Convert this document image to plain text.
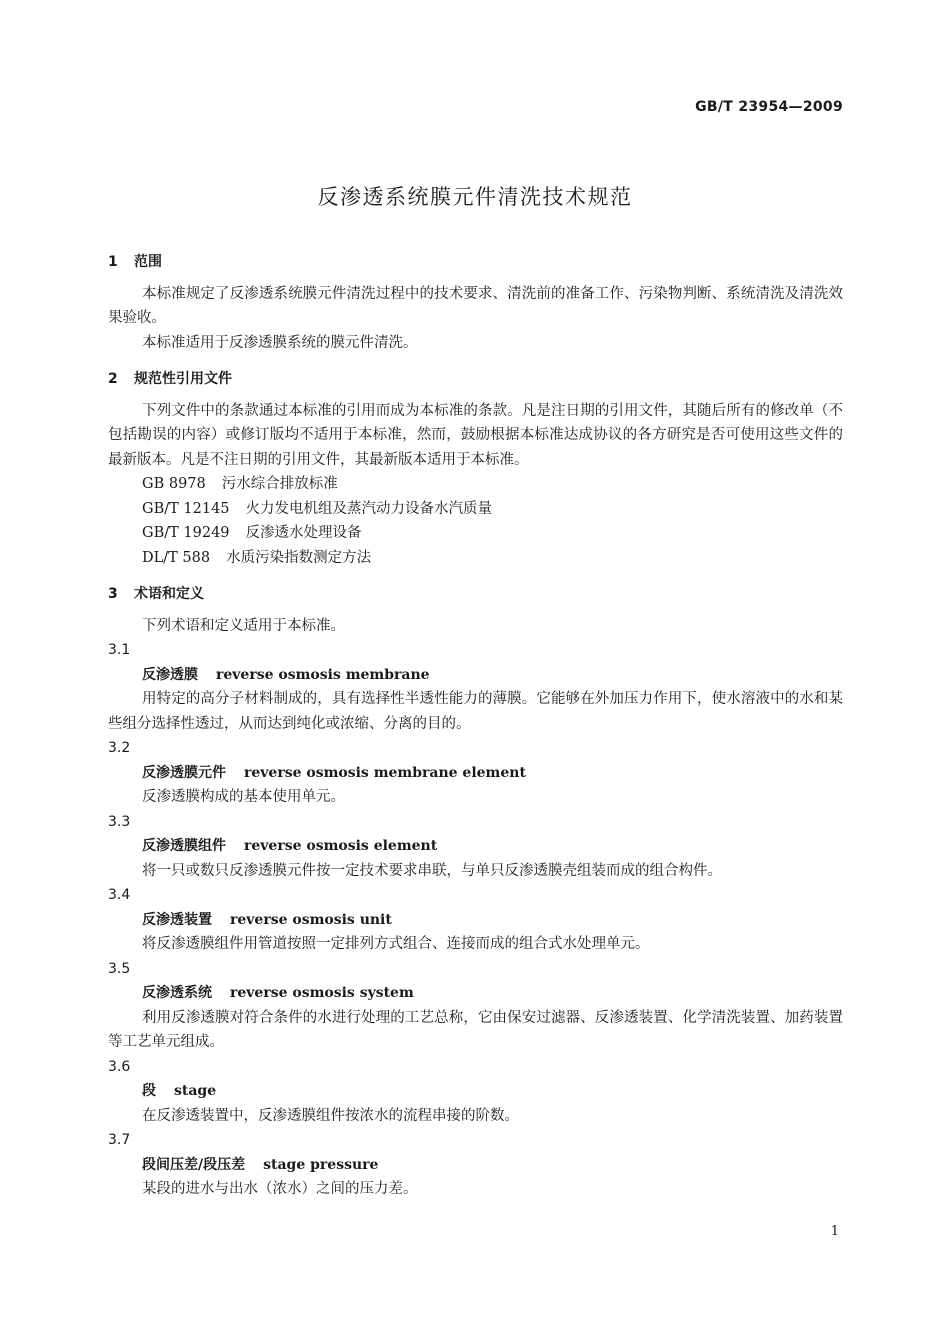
GB/T 23954—2009
反渗透系统膜元件清洗技术规范
1 范围
本标准规定了反渗透系统膜元件清洗过程中的技术要求、清洗前的准备工作、污染物判断、系统清洗及清洗效果验收。
本标准适用于反渗透膜系统的膜元件清洗。
2 规范性引用文件
下列文件中的条款通过本标准的引用而成为本标准的条款。凡是注日期的引用文件，其随后所有的修改单（不包括勘误的内容）或修订版均不适用于本标准，然而，鼓励根据本标准达成协议的各方研究是否可使用这些文件的最新版本。凡是不注日期的引用文件，其最新版本适用于本标准。
GB 8978 污水综合排放标准
GB/T 12145 火力发电机组及蒸汽动力设备水汽质量
GB/T 19249 反渗透水处理设备
DL/T 588 水质污染指数测定方法
3 术语和定义
下列术语和定义适用于本标准。
3.1
反渗透膜 reverse osmosis membrane
用特定的高分子材料制成的，具有选择性半透性能力的薄膜。它能够在外加压力作用下，使水溶液中的水和某些组分选择性透过，从而达到纯化或浓缩、分离的目的。
3.2
反渗透膜元件 reverse osmosis membrane element
反渗透膜构成的基本使用单元。
3.3
反渗透膜组件 reverse osmosis element
将一只或数只反渗透膜元件按一定技术要求串联，与单只反渗透膜壳组装而成的组合构件。
3.4
反渗透装置 reverse osmosis unit
将反渗透膜组件用管道按照一定排列方式组合、连接而成的组合式水处理单元。
3.5
反渗透系统 reverse osmosis system
利用反渗透膜对符合条件的水进行处理的工艺总称，它由保安过滤器、反渗透装置、化学清洗装置、加药装置等工艺单元组成。
3.6
段 stage
在反渗透装置中，反渗透膜组件按浓水的流程串接的阶数。
3.7
段间压差/段压差 stage pressure
某段的进水与出水（浓水）之间的压力差。
1
